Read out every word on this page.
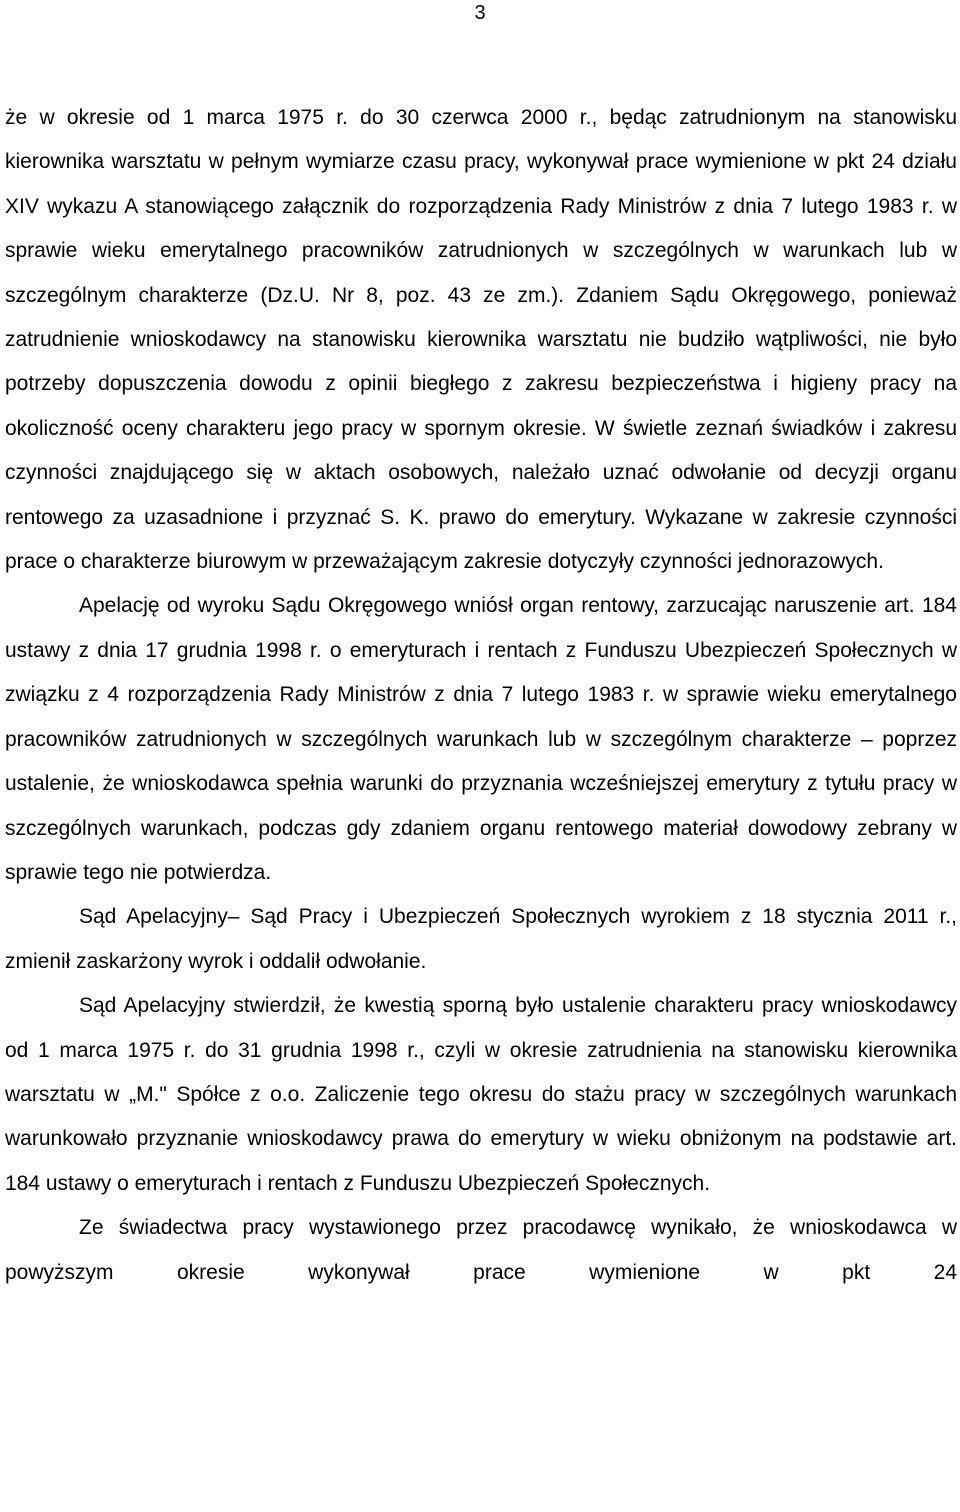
3

że w okresie od 1 marca 1975 r. do 30 czerwca 2000 r., będąc zatrudnionym na stanowisku kierownika warsztatu w pełnym wymiarze czasu pracy, wykonywał prace wymienione w pkt 24 działu XIV wykazu A stanowiącego załącznik do rozporządzenia Rady Ministrów z dnia 7 lutego 1983 r. w sprawie wieku emerytalnego pracowników zatrudnionych w szczególnych w warunkach lub w szczególnym charakterze (Dz.U. Nr 8, poz. 43 ze zm.). Zdaniem Sądu Okręgowego, ponieważ zatrudnienie wnioskodawcy na stanowisku kierownika warsztatu nie budziło wątpliwości, nie było potrzeby dopuszczenia dowodu z opinii biegłego z zakresu bezpieczeństwa i higieny pracy na okoliczność oceny charakteru jego pracy w spornym okresie. W świetle zeznań świadków i zakresu czynności znajdującego się w aktach osobowych, należało uznać odwołanie od decyzji organu rentowego za uzasadnione i przyznać S. K. prawo do emerytury. Wykazane w zakresie czynności prace o charakterze biurowym w przeważającym zakresie dotyczyły czynności jednorazowych.

Apelację od wyroku Sądu Okręgowego wniósł organ rentowy, zarzucając naruszenie art. 184 ustawy z dnia 17 grudnia 1998 r. o emeryturach i rentach z Funduszu Ubezpieczeń Społecznych w związku z 4 rozporządzenia Rady Ministrów z dnia 7 lutego 1983 r. w sprawie wieku emerytalnego pracowników zatrudnionych w szczególnych warunkach lub w szczególnym charakterze – poprzez ustalenie, że wnioskodawca spełnia warunki do przyznania wcześniejszej emerytury z tytułu pracy w szczególnych warunkach, podczas gdy zdaniem organu rentowego materiał dowodowy zebrany w sprawie tego nie potwierdza.

Sąd Apelacyjny– Sąd Pracy i Ubezpieczeń Społecznych wyrokiem z 18 stycznia 2011 r., zmienił zaskarżony wyrok i oddalił odwołanie.

Sąd Apelacyjny stwierdził, że kwestią sporną było ustalenie charakteru pracy wnioskodawcy od 1 marca 1975 r. do 31 grudnia 1998 r., czyli w okresie zatrudnienia na stanowisku kierownika warsztatu w „M." Spółce z o.o. Zaliczenie tego okresu do stażu pracy w szczególnych warunkach warunkowało przyznanie wnioskodawcy prawa do emerytury w wieku obniżonym na podstawie art. 184 ustawy o emeryturach i rentach z Funduszu Ubezpieczeń Społecznych.

Ze świadectwa pracy wystawionego przez pracodawcę wynikało, że wnioskodawca w powyższym okresie wykonywał prace wymienione w pkt 24
